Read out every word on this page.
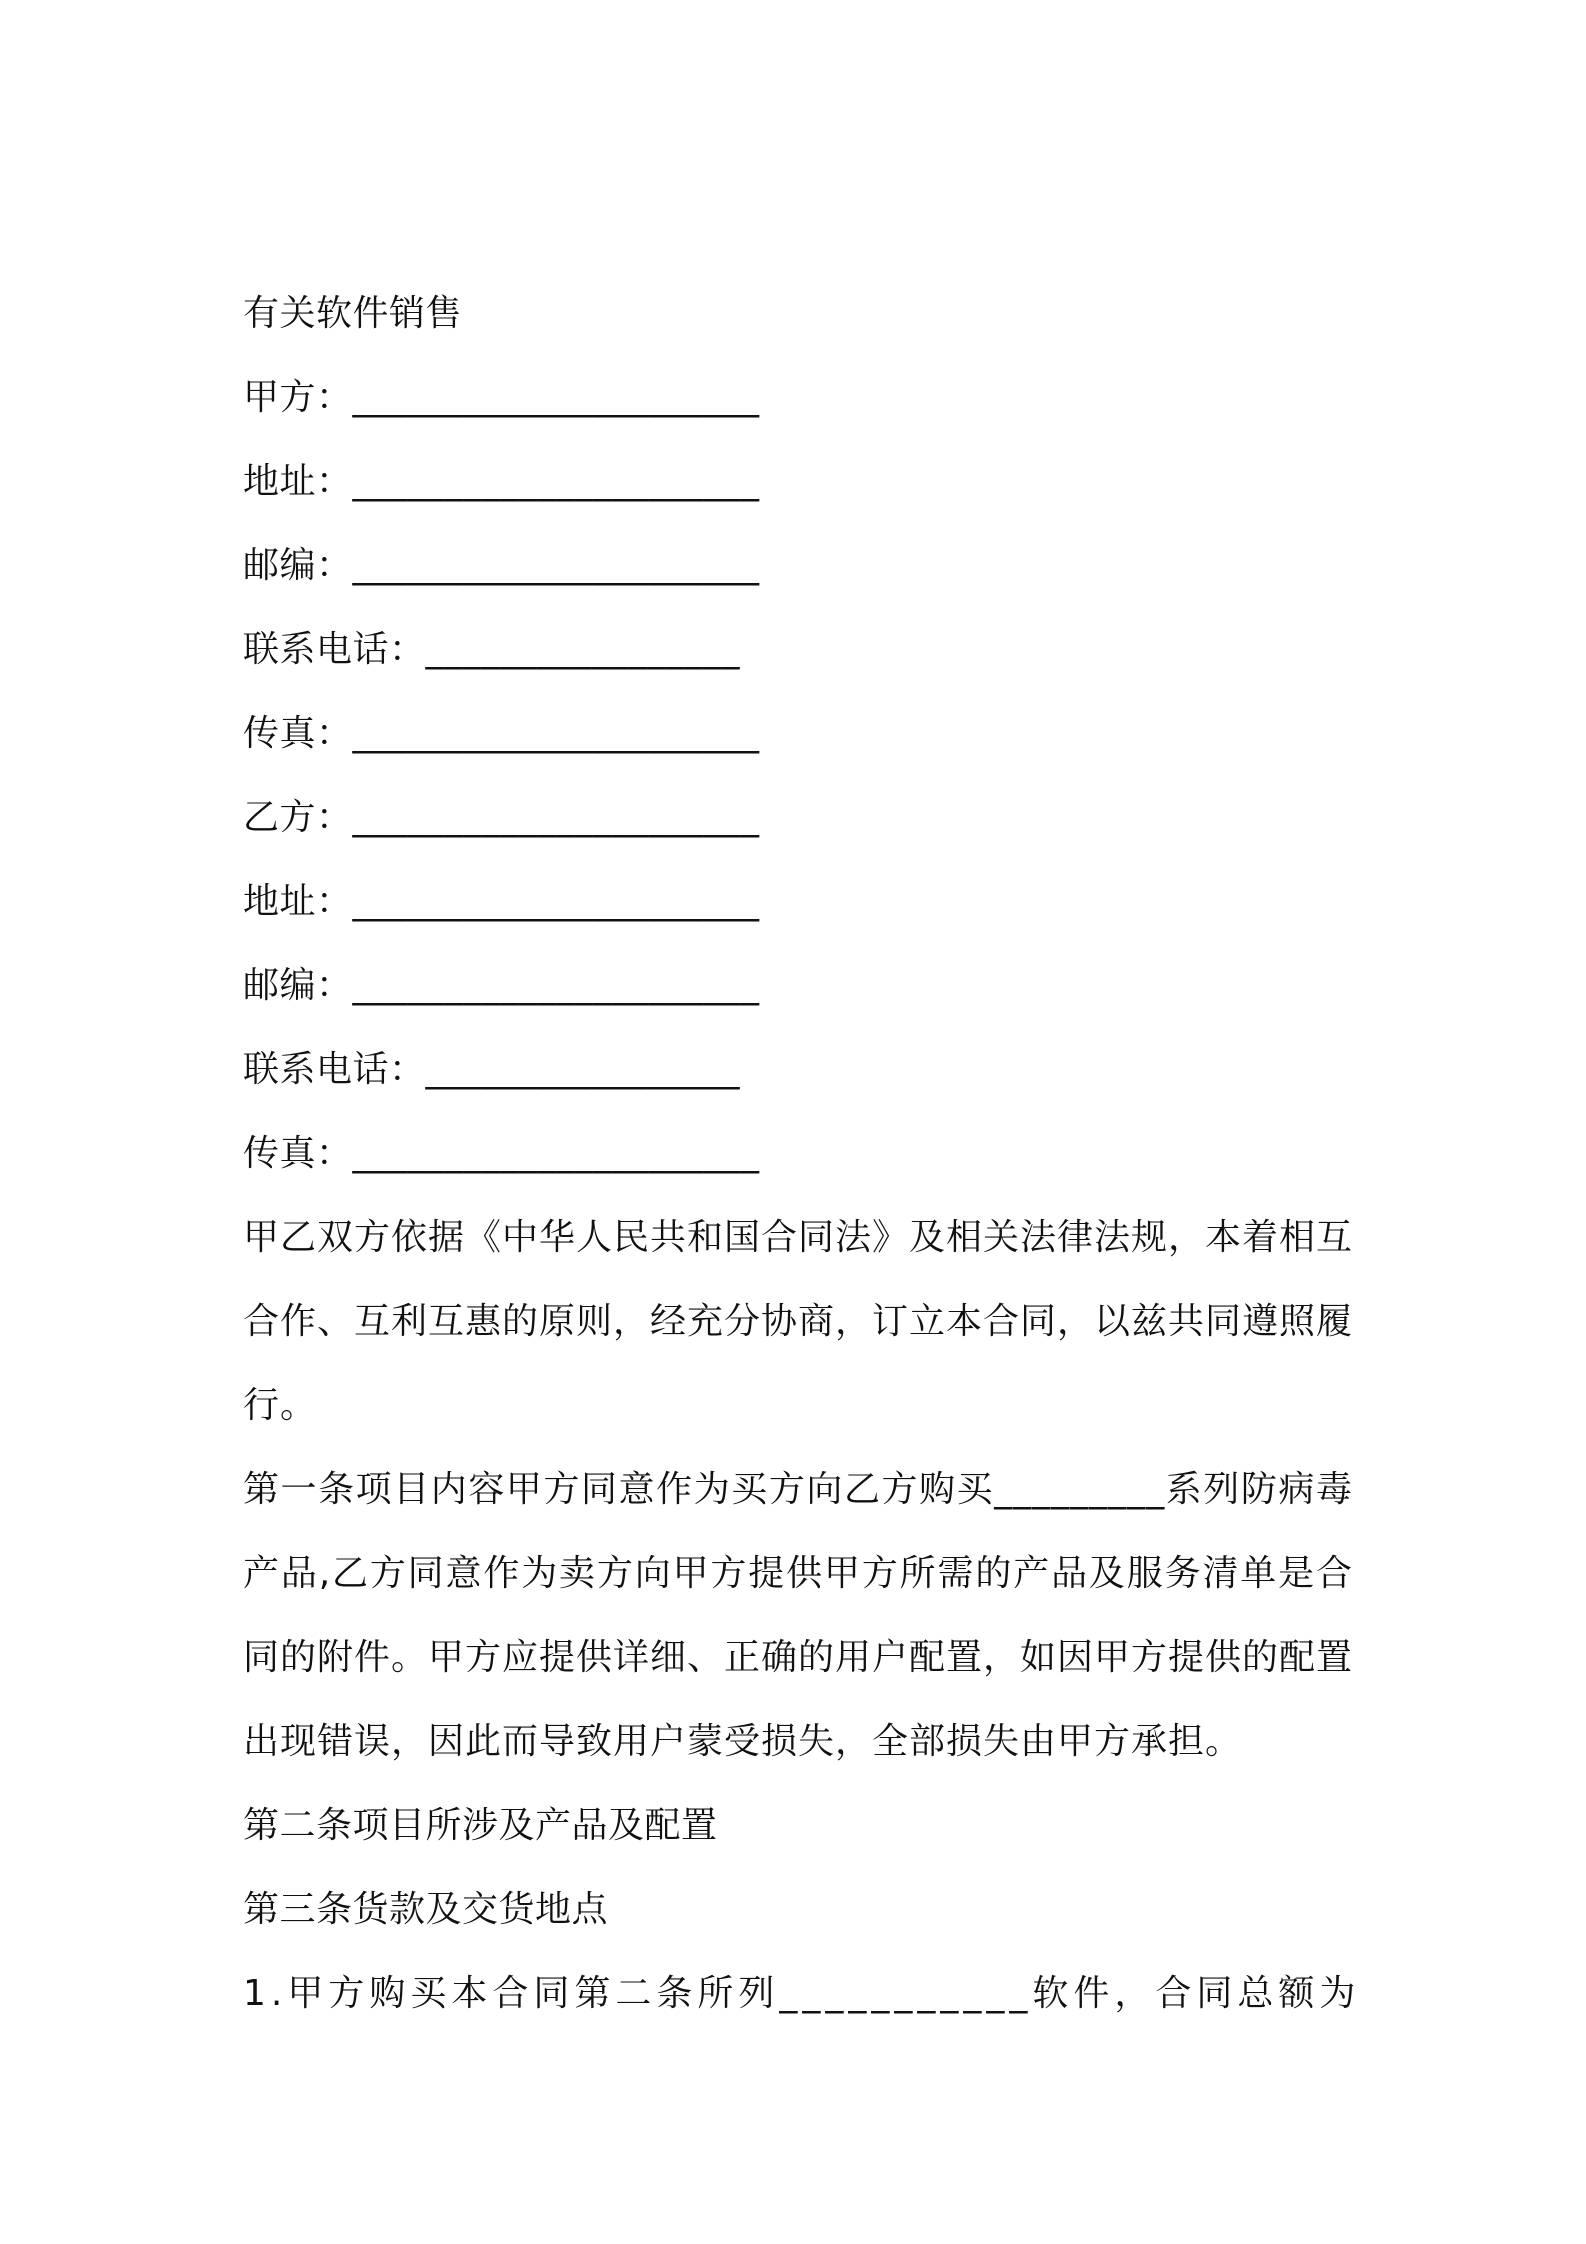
有关软件销售
甲方：______________________
地址：______________________
邮编：______________________
联系电话：_________________
传真：______________________
乙方：______________________
地址：______________________
邮编：______________________
联系电话：_________________
传真：______________________
甲乙双方依据《中华人民共和国合同法》及相关法律法规，本着相互合作、互利互惠的原则，经充分协商，订立本合同，以兹共同遵照履行。
第一条项目内容甲方同意作为买方向乙方购买_________系列防病毒产品,乙方同意作为卖方向甲方提供甲方所需的产品及服务清单是合同的附件。甲方应提供详细、正确的用户配置，如因甲方提供的配置出现错误，因此而导致用户蒙受损失，全部损失由甲方承担。
第二条项目所涉及产品及配置
第三条货款及交货地点
1.甲方购买本合同第二条所列___________软件，合同总额为
